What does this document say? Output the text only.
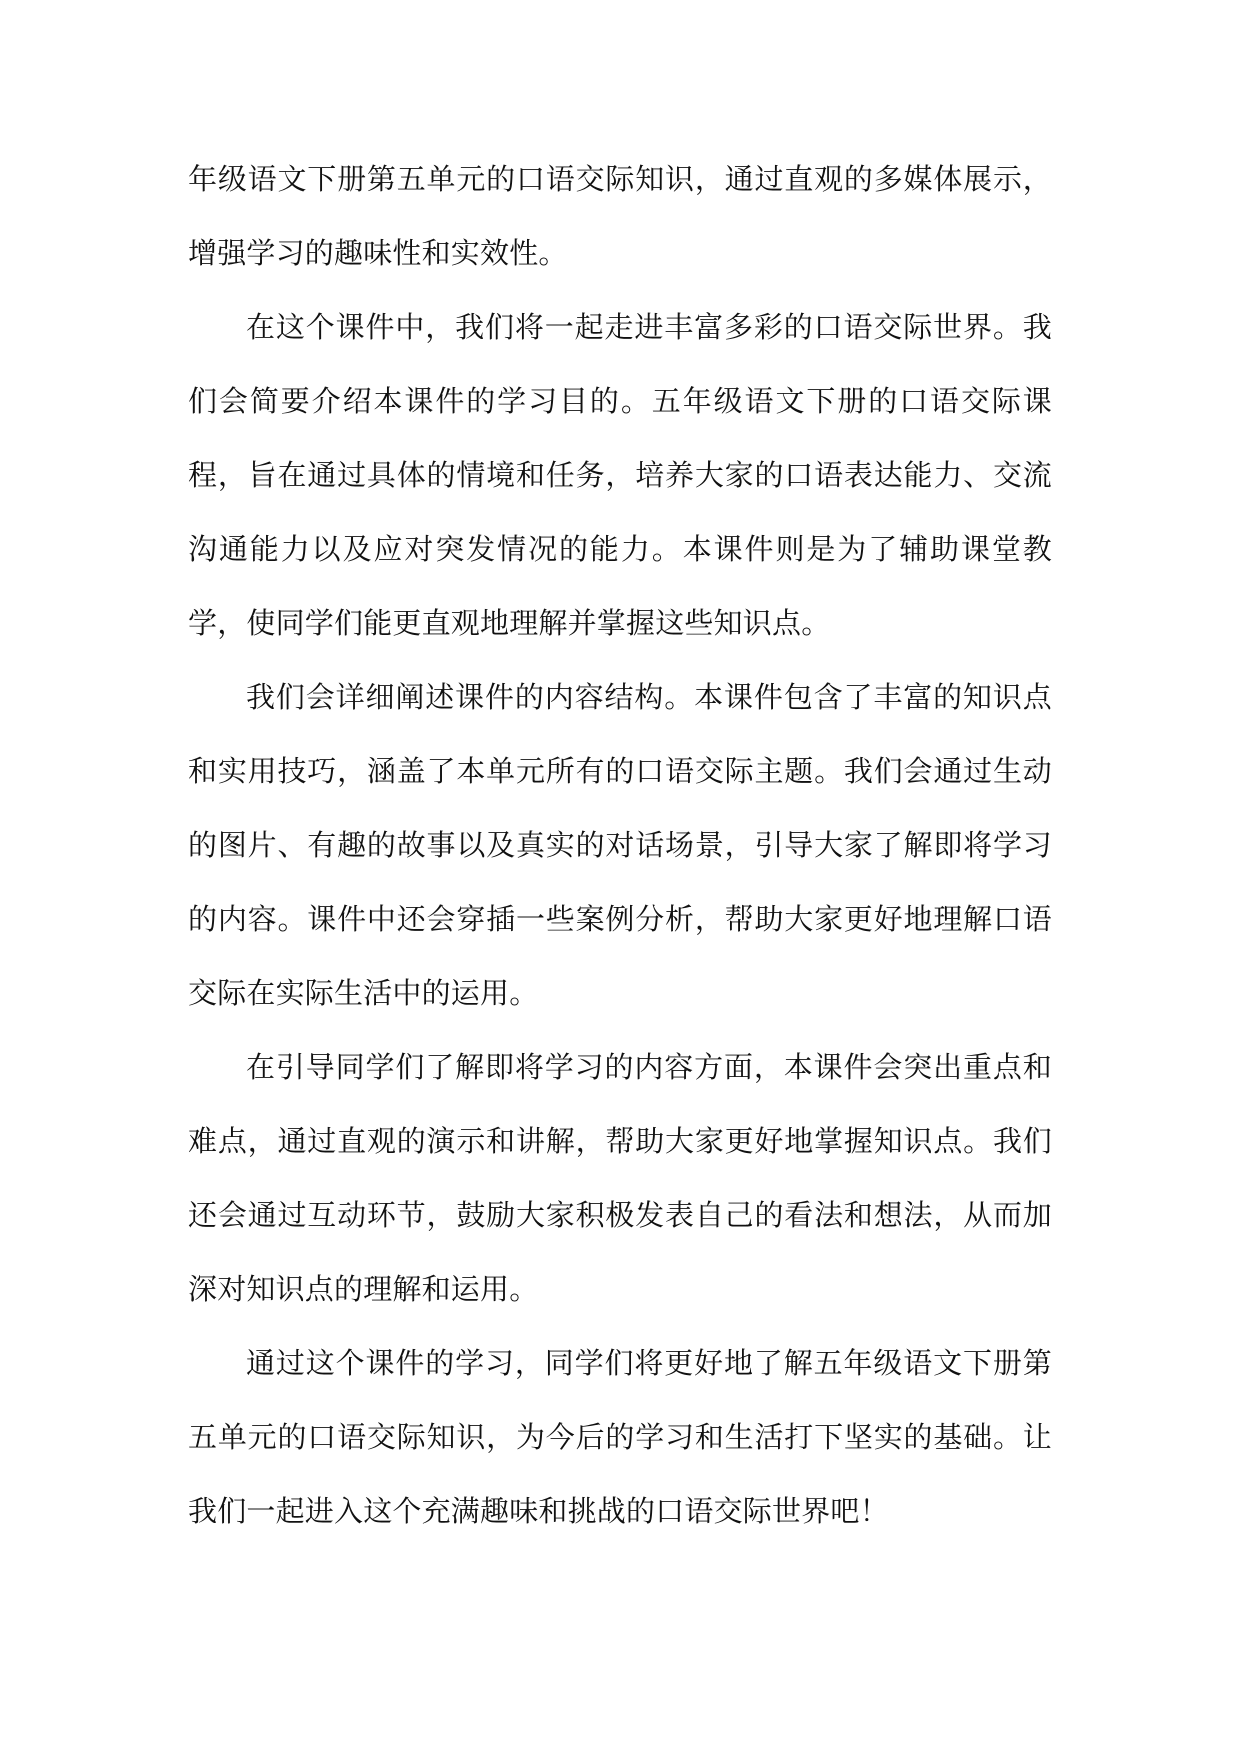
年级语文下册第五单元的口语交际知识，通过直观的多媒体展示，增强学习的趣味性和实效性。

在这个课件中，我们将一起走进丰富多彩的口语交际世界。我们会简要介绍本课件的学习目的。五年级语文下册的口语交际课程，旨在通过具体的情境和任务，培养大家的口语表达能力、交流沟通能力以及应对突发情况的能力。本课件则是为了辅助课堂教学，使同学们能更直观地理解并掌握这些知识点。

我们会详细阐述课件的内容结构。本课件包含了丰富的知识点和实用技巧，涵盖了本单元所有的口语交际主题。我们会通过生动的图片、有趣的故事以及真实的对话场景，引导大家了解即将学习的内容。课件中还会穿插一些案例分析，帮助大家更好地理解口语交际在实际生活中的运用。

在引导同学们了解即将学习的内容方面，本课件会突出重点和难点，通过直观的演示和讲解，帮助大家更好地掌握知识点。我们还会通过互动环节，鼓励大家积极发表自己的看法和想法，从而加深对知识点的理解和运用。

通过这个课件的学习，同学们将更好地了解五年级语文下册第五单元的口语交际知识，为今后的学习和生活打下坚实的基础。让我们一起进入这个充满趣味和挑战的口语交际世界吧！
